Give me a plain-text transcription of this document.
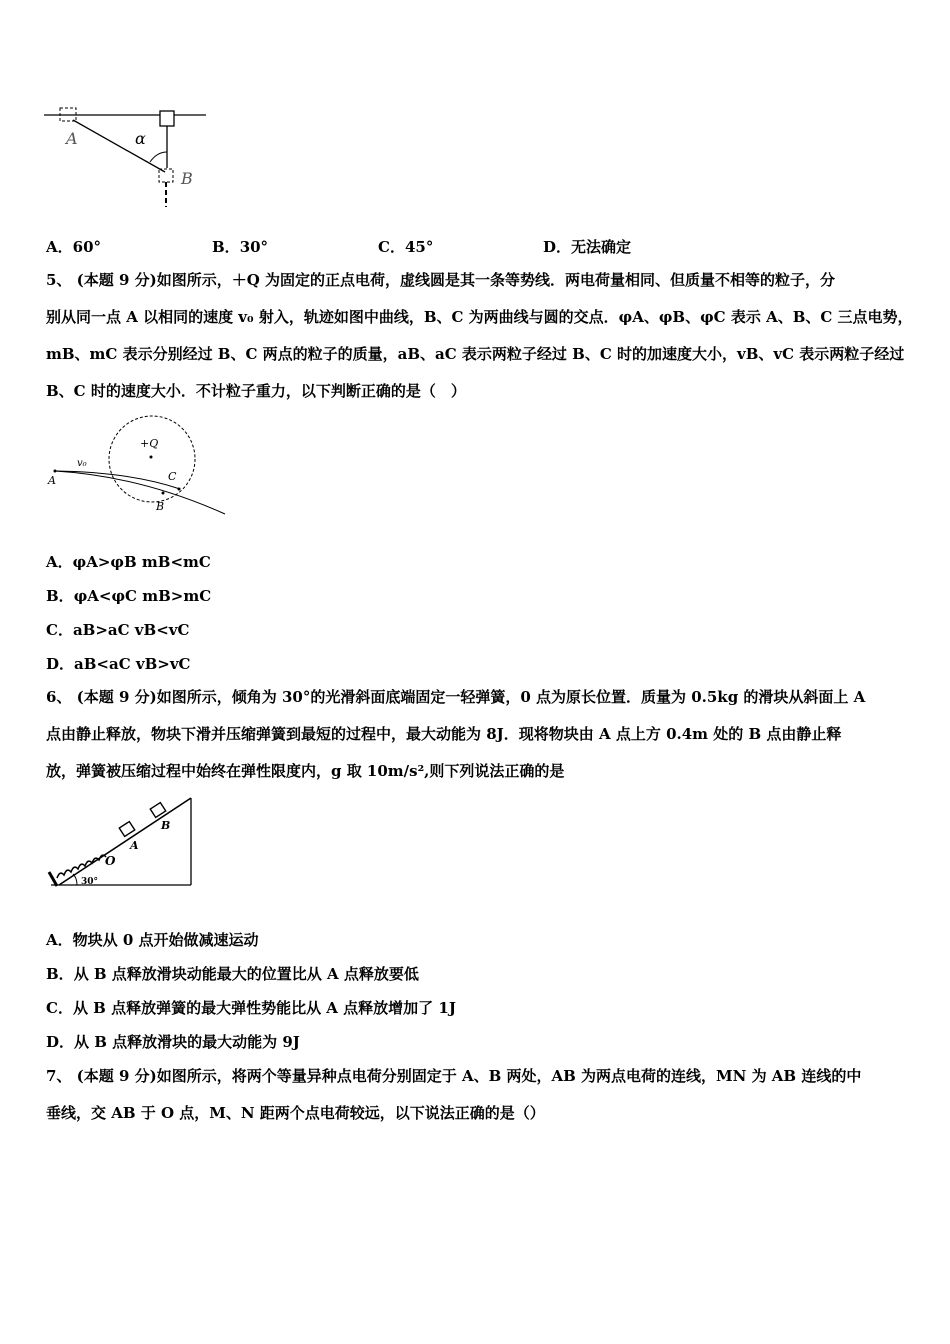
A	α
B
A．60°	B．30°	C．45°	D．无法确定
5、 (本题 9 分)如图所示，＋Q 为固定的正点电荷，虚线圆是其一条等势线．两电荷量相同、但质量不相等的粒子，分
别从同一点 A 以相同的速度 v₀ 射入，轨迹如图中曲线，B、C 为两曲线与圆的交点．φA、φB、φC 表示 A、B、C 三点电势，
mB、mC 表示分别经过 B、C 两点的粒子的质量，aB、aC 表示两粒子经过 B、C 时的加速度大小，vB、vC 表示两粒子经过
B、C 时的速度大小．不计粒子重力，以下判断正确的是（　）
+Q
v₀
A	C
B
A．φA>φB mB<mC
B．φA<φC mB>mC
C．aB>aC vB<vC
D．aB<aC vB>vC
6、 (本题 9 分)如图所示，倾角为 30°的光滑斜面底端固定一轻弹簧，0 点为原长位置．质量为 0.5kg 的滑块从斜面上 A
点由静止释放，物块下滑并压缩弹簧到最短的过程中，最大动能为 8J．现将物块由 A 点上方 0.4m 处的 B 点由静止释
放，弹簧被压缩过程中始终在弹性限度内，g 取 10m/s²,则下列说法正确的是
O
A
B
30°
A．物块从 0 点开始做减速运动
B．从 B 点释放滑块动能最大的位置比从 A 点释放要低
C．从 B 点释放弹簧的最大弹性势能比从 A 点释放增加了 1J
D．从 B 点释放滑块的最大动能为 9J
7、 (本题 9 分)如图所示，将两个等量异种点电荷分别固定于 A、B 两处，AB 为两点电荷的连线，MN 为 AB 连线的中
垂线，交 AB 于 O 点，M、N 距两个点电荷较远，以下说法正确的是（）
